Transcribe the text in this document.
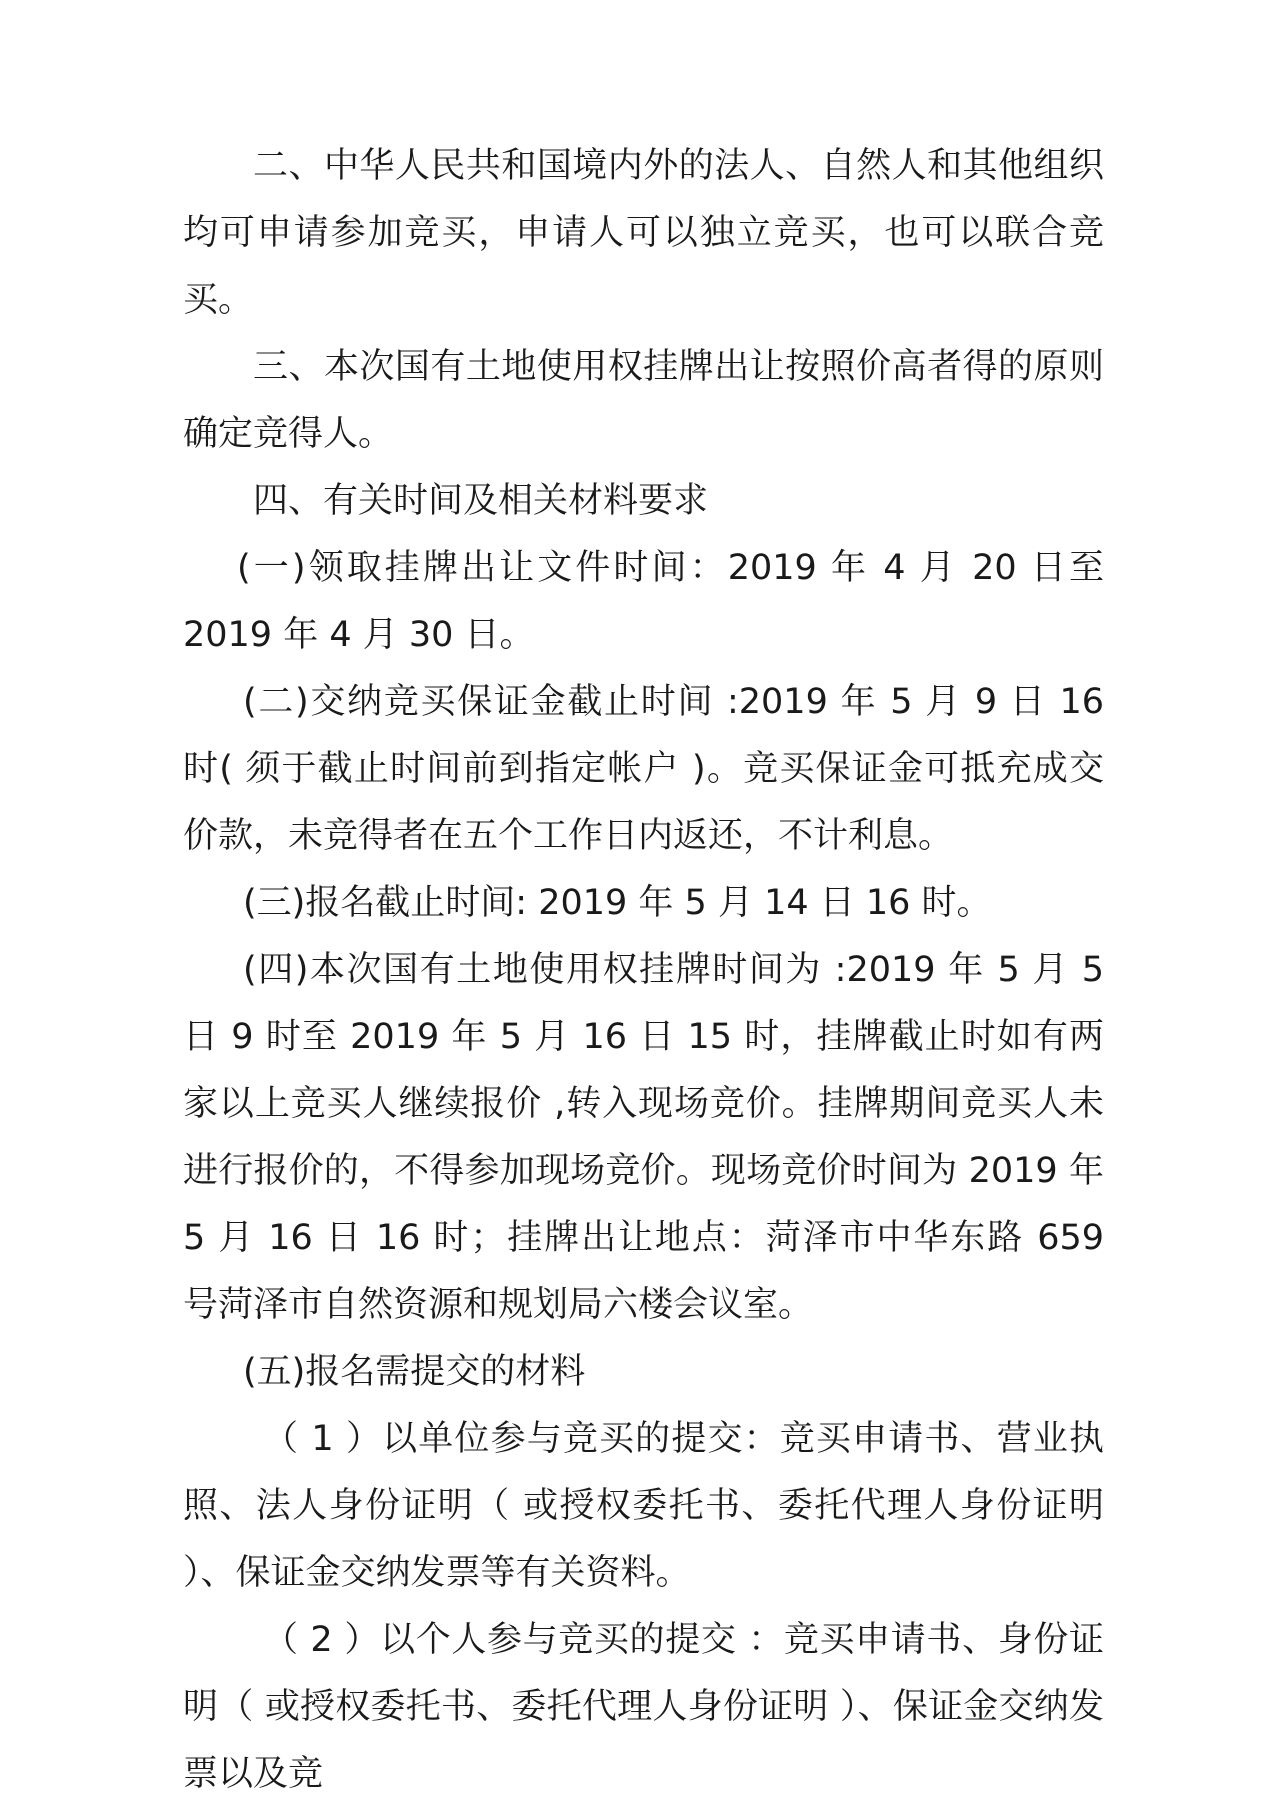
二、中华人民共和国境内外的法人、自然人和其他组织均可申请参加竞买，申请人可以独立竞买，也可以联合竞买。

三、本次国有土地使用权挂牌出让按照价高者得的原则确定竞得人。

四、有关时间及相关材料要求

(一)领取挂牌出让文件时间：2019 年 4 月 20 日至 2019 年 4 月 30 日。

(二)交纳竞买保证金截止时间 :2019 年 5 月 9 日 16 时( 须于截止时间前到指定帐户 )。竞买保证金可抵充成交价款，未竞得者在五个工作日内返还，不计利息。

(三)报名截止时间: 2019 年 5 月 14 日 16 时。

(四)本次国有土地使用权挂牌时间为 :2019 年 5 月 5 日 9 时至 2019 年 5 月 16 日 15 时，挂牌截止时如有两家以上竞买人继续报价 ,转入现场竞价。挂牌期间竞买人未进行报价的，不得参加现场竞价。现场竞价时间为 2019 年 5 月 16 日 16 时；挂牌出让地点：菏泽市中华东路 659 号菏泽市自然资源和规划局六楼会议室。

(五)报名需提交的材料

（ 1 ）以单位参与竞买的提交：竞买申请书、营业执照、法人身份证明（ 或授权委托书、委托代理人身份证明 ）、保证金交纳发票等有关资料。

（ 2 ）以个人参与竞买的提交 ：竞买申请书、身份证明（ 或授权委托书、委托代理人身份证明 ）、保证金交纳发票以及竞
